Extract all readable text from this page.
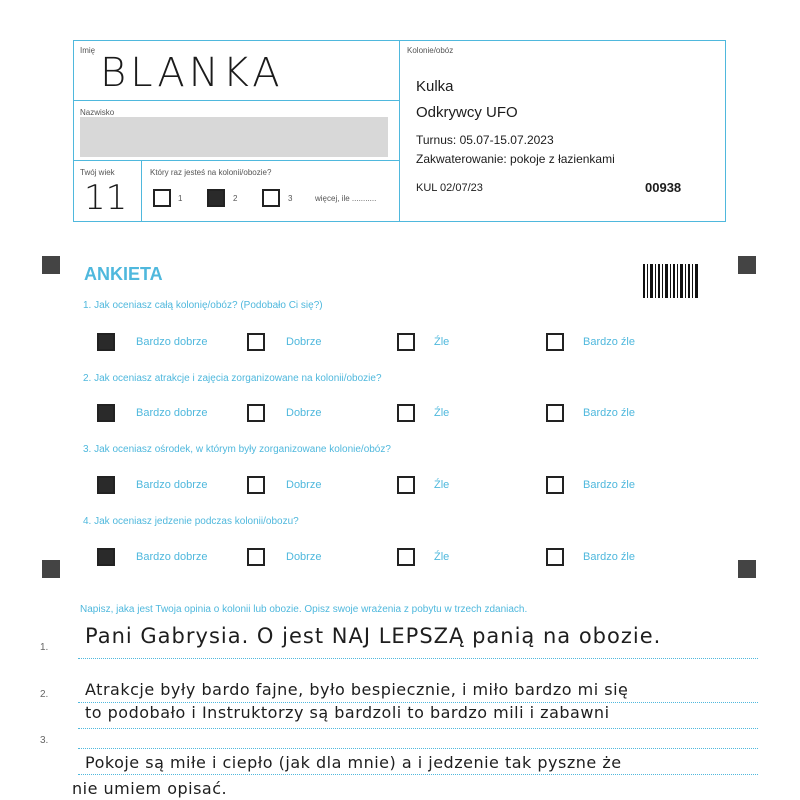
Imię BLANKA
Nazwisko
Twój wiek
11
Który raz jesteś na kolonii/obozie?
1	2	3	więcej, ile ...........
Kolonie/obóz
Kulka
Odkrywcy UFO
Turnus: 05.07-15.07.2023
Zakwaterowanie: pokoje z łazienkami
KUL 02/07/23	00938
ANKIETA
1. Jak oceniasz całą kolonię/obóz? (Podobało Ci się?)
Bardzo dobrze	Dobrze	Źle	Bardzo źle
2. Jak oceniasz atrakcje i zajęcia zorganizowane na kolonii/obozie?
Bardzo dobrze	Dobrze	Źle	Bardzo źle
3. Jak oceniasz ośrodek, w którym były zorganizowane kolonie/obóz?
Bardzo dobrze	Dobrze	Źle	Bardzo źle
4. Jak oceniasz jedzenie podczas kolonii/obozu?
Bardzo dobrze	Dobrze	Źle	Bardzo źle
Napisz, jaka jest Twoja opinia o kolonii lub obozie. Opisz swoje wrażenia z pobytu w trzech zdaniach.
1.
2.
3.
Pani Gabrysia. O jest NAJ LEPSZĄ panią na obozie.
Atrakcje były bardo fajne, było bespiecznie, i miło bardzo mi się
to podobało i Instruktorzy są bardzoli to bardzo mili i zabawni
Pokoje są miłe i ciepło (jak dla mnie) a i jedzenie tak pyszne że
nie umiem opisać.
